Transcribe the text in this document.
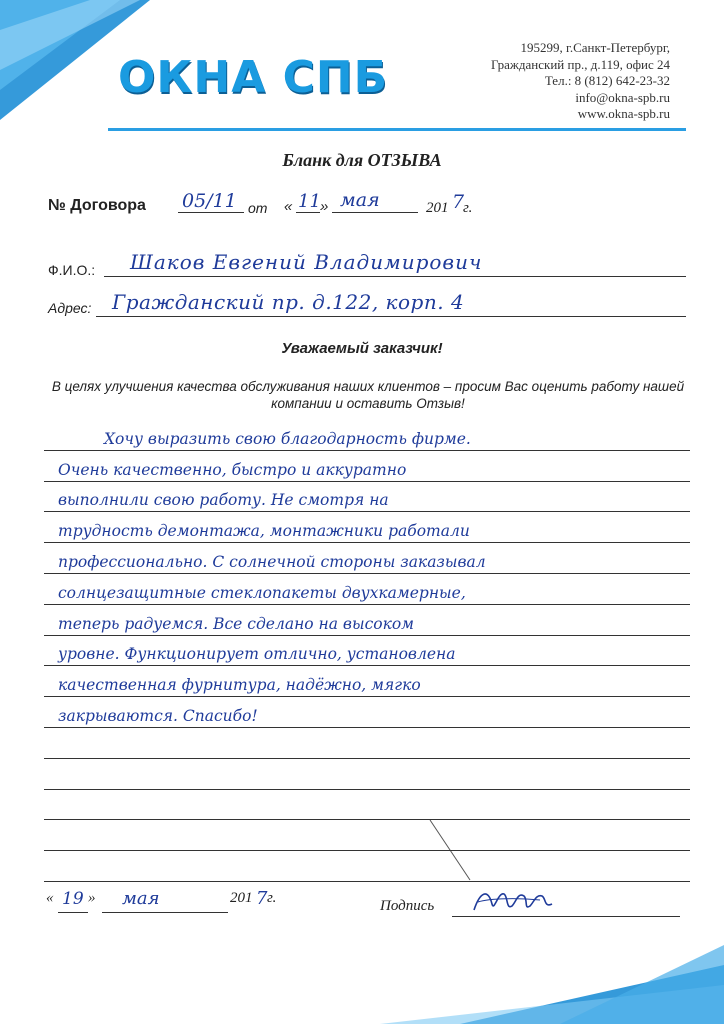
ОКНА СПБ
195299, г.Санкт-Петербург,
Гражданский пр., д.119, офис 24
Тел.: 8 (812) 642-23-32
info@okna-spb.ru
www.okna-spb.ru
Бланк для ОТЗЫВА
№ Договора 05/11 от « 11 » мая	201 7
г.
Ф.И.О.: Шаков Евгений Владимирович
Адрес: Гражданский пр. д.122, корп. 4
Уважаемый заказчик!
В целях улучшения качества обслуживания наших клиентов – просим Вас оценить работу нашей компании и оставить Отзыв!
Хочу выразить свою благодарность фирме.
Очень качественно, быстро и аккуратно
выполнили свою работу. Не смотря на
трудность демонтажа, монтажники работали
профессионально. С солнечной стороны заказывал
солнцезащитные стеклопакеты двухкамерные,
теперь радуемся. Все сделано на высоком
уровне. Функционирует отлично, установлена
качественная фурнитура, надёжно, мягко
закрываются. Спасибо!
« 19 » мая	201 7 г.	Подпись
